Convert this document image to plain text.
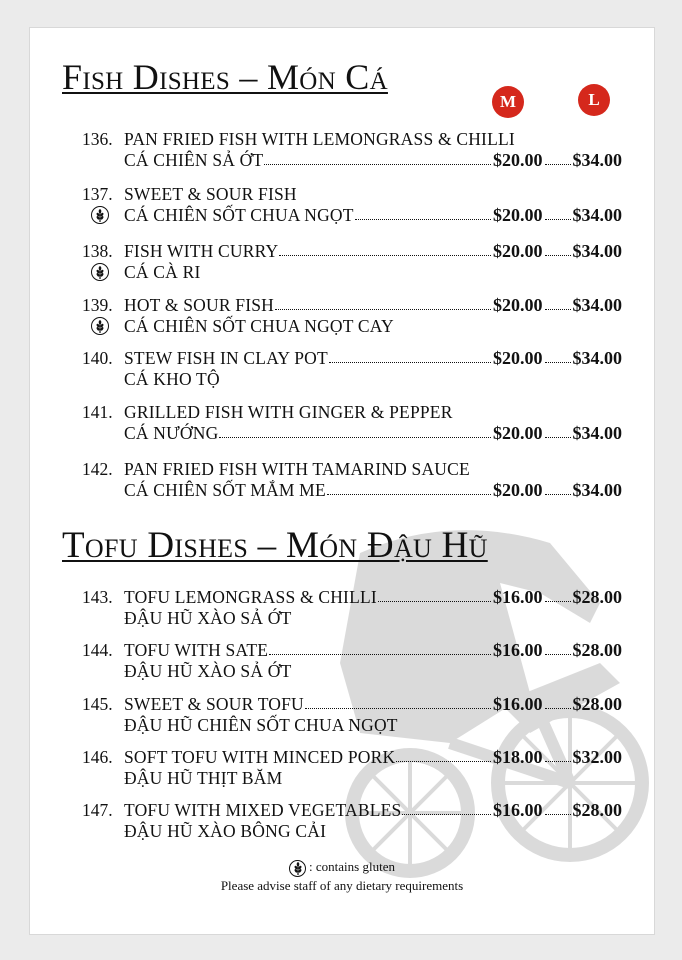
Fish Dishes – Món Cá
M	L
136. PAN FRIED FISH WITH LEMONGRASS & CHILLI
CÁ CHIÊN SẢ ỚT	$20.00 $34.00
137. SWEET & SOUR FISH
CÁ CHIÊN SỐT CHUA NGỌT	$20.00 $34.00
138. FISH WITH CURRY	$20.00 $34.00
CÁ CÀ RI
139. HOT & SOUR FISH	$20.00 $34.00
CÁ CHIÊN SỐT CHUA NGỌT CAY
140. STEW FISH IN CLAY POT	$20.00 $34.00
CÁ KHO TỘ
141. GRILLED FISH WITH GINGER & PEPPER
CÁ NƯỚNG	$20.00 $34.00
142. PAN FRIED FISH WITH TAMARIND SAUCE
CÁ CHIÊN SỐT MẮM ME	$20.00 $34.00
Tofu Dishes – Món Đậu Hũ
143. TOFU LEMONGRASS & CHILLI	$16.00 $28.00
ĐẬU HŨ XÀO SẢ ỚT
144. TOFU WITH SATE	$16.00 $28.00
ĐẬU HŨ XÀO SẢ ỚT
145. SWEET & SOUR TOFU	$16.00 $28.00
ĐẬU HŨ CHIÊN SỐT CHUA NGỌT
146. SOFT TOFU WITH MINCED PORK	$18.00 $32.00
ĐẬU HŨ THỊT BĂM
147. TOFU WITH MIXED VEGETABLES	$16.00 $28.00
ĐẬU HŨ XÀO BÔNG CẢI
: contains gluten
Please advise staff of any dietary requirements
